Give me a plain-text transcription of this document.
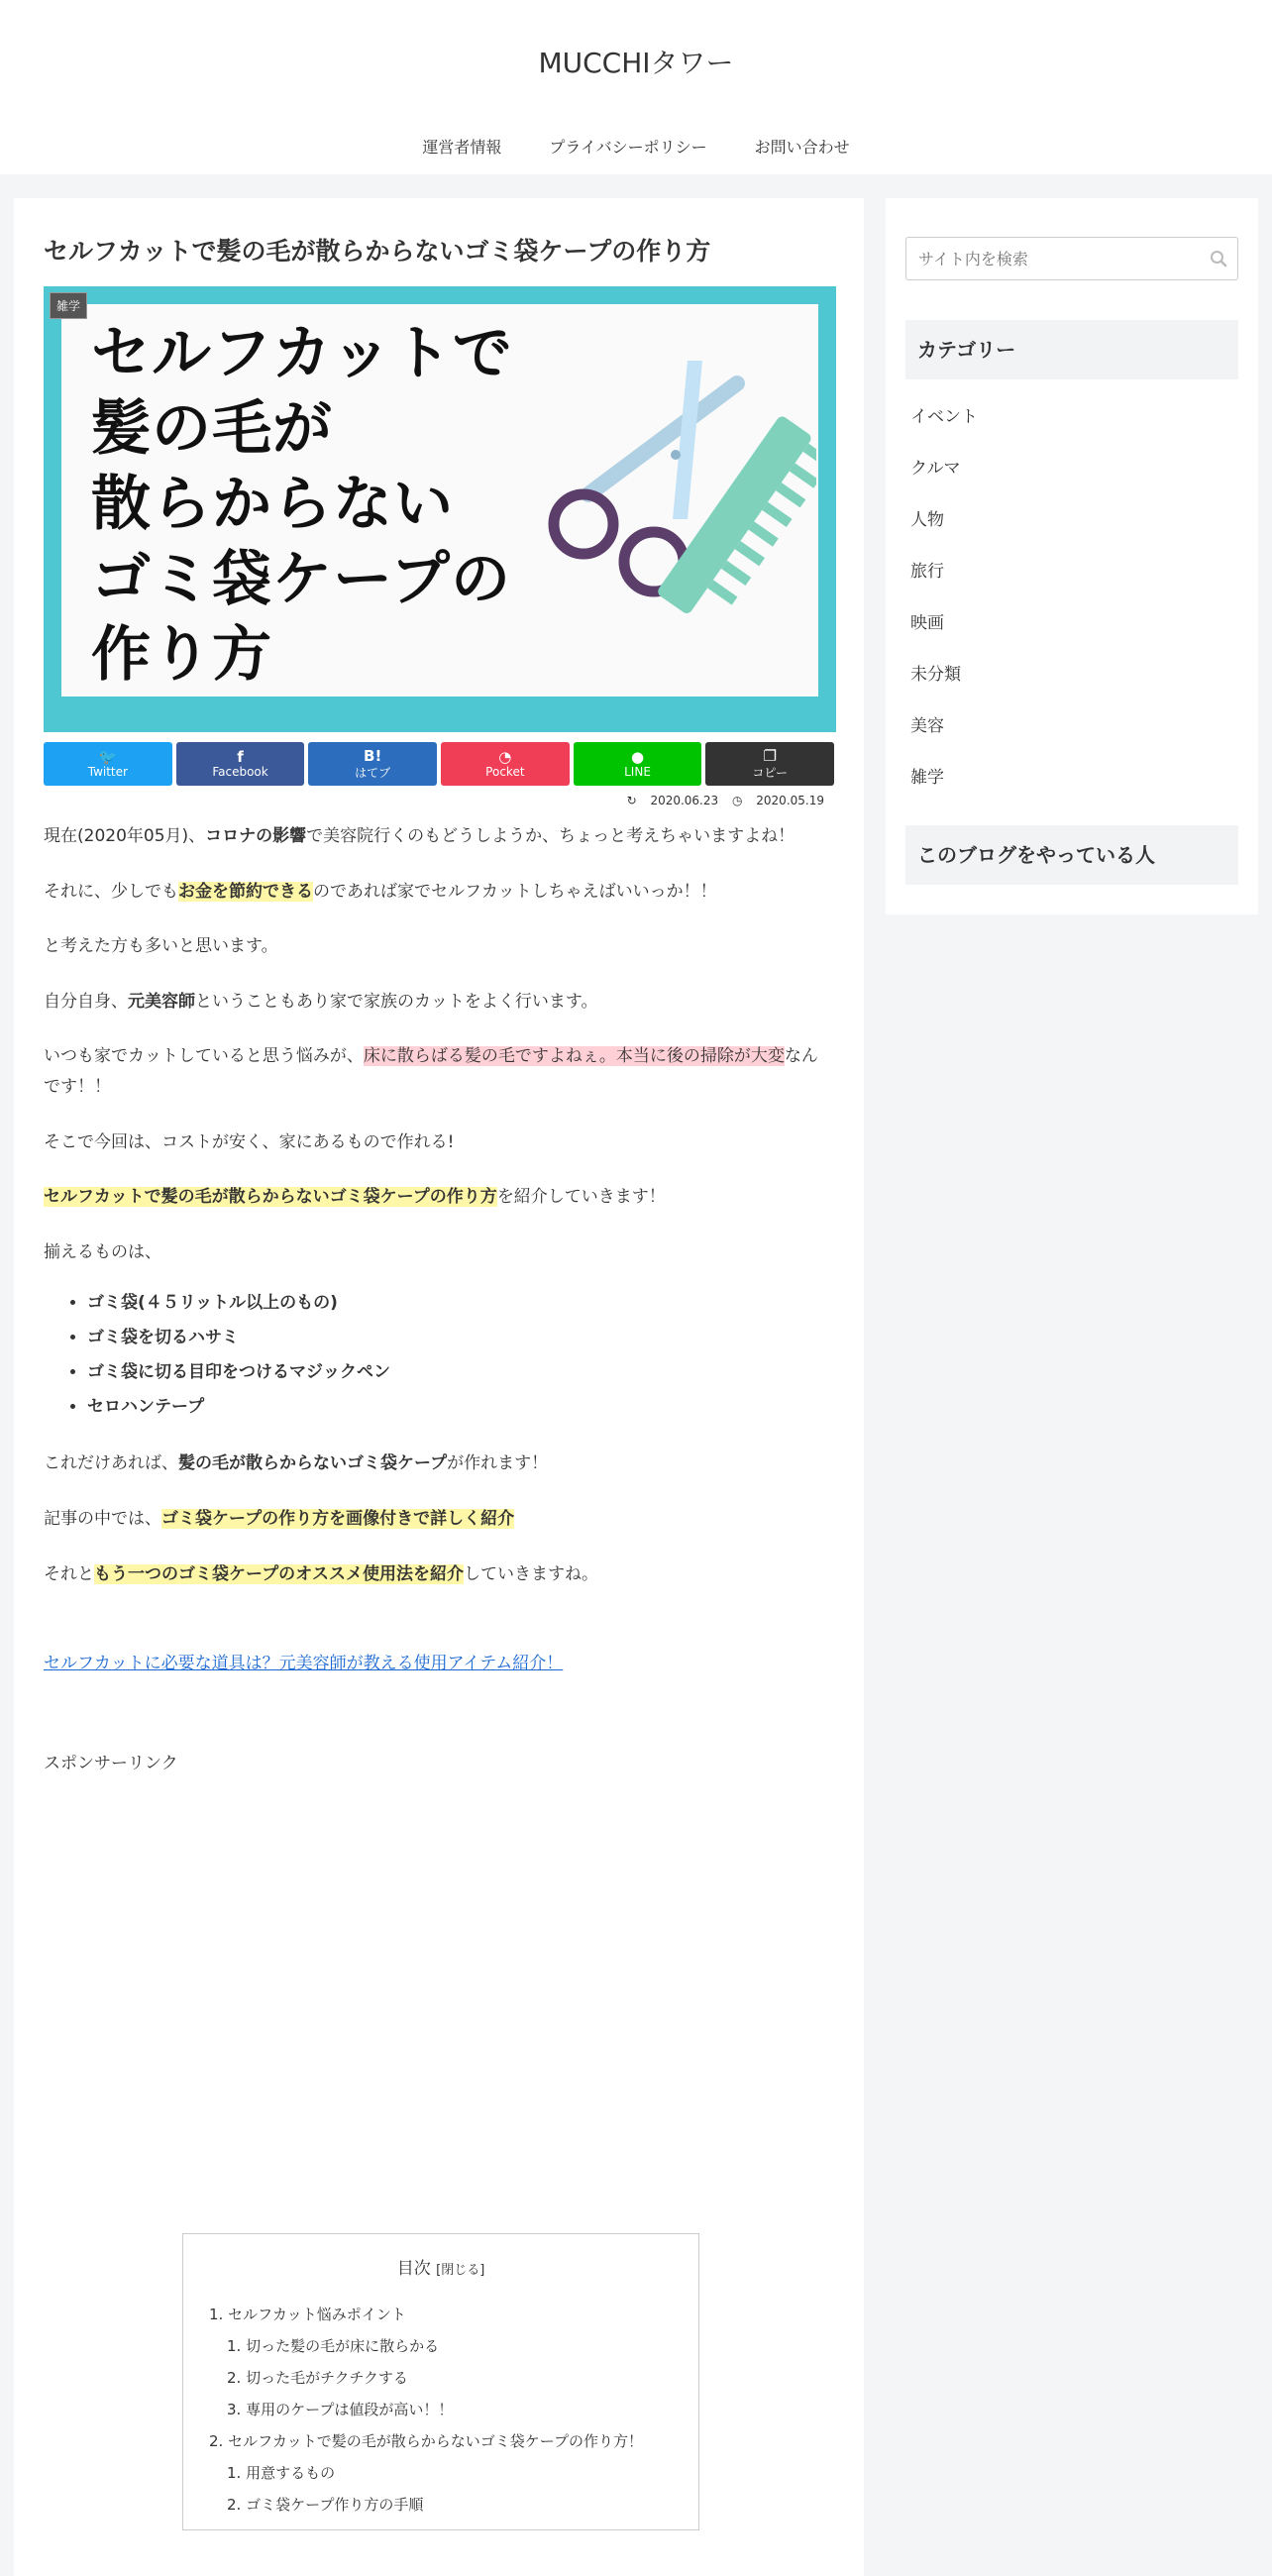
MUCCHIタワー
運営者情報	プライバシーポリシー	お問い合わせ
セルフカットで髪の毛が散らからないゴミ袋ケープの作り方
セルフカットで
髪の毛が
散らからない
ゴミ袋ケープの
作り方
雑学
🐦
Twitter
f
Facebook
B!
はてブ
◔
Pocket
●
LINE
❐
コピー
↻ 2020.06.23 ◷ 2020.05.19

現在(2020年05月)、コロナの影響で美容院行くのもどうしようか、ちょっと考えちゃいますよね！

それに、少しでもお金を節約できるのであれば家でセルフカットしちゃえばいいっか！！

と考えた方も多いと思います。

自分自身、元美容師ということもあり家で家族のカットをよく行います。

いつも家でカットしていると思う悩みが、床に散らばる髪の毛ですよねぇ。本当に後の掃除が大変なんです！！

そこで今回は、コストが安く、家にあるもので作れる!

セルフカットで髪の毛が散らからないゴミ袋ケープの作り方を紹介していきます！

揃えるものは、

• ゴミ袋(４５リットル以上のもの)
• ゴミ袋を切るハサミ
• ゴミ袋に切る目印をつけるマジックペン
• セロハンテープ

これだけあれば、髪の毛が散らからないゴミ袋ケープが作れます！

記事の中では、ゴミ袋ケープの作り方を画像付きで詳しく紹介

それともう一つのゴミ袋ケープのオススメ使用法を紹介していきますね。

セルフカットに必要な道具は？元美容師が教える使用アイテム紹介！

スポンサーリンク

目次 [閉じる]
1. セルフカット悩みポイント
1. 切った髪の毛が床に散らかる
2. 切った毛がチクチクする
3. 専用のケープは値段が高い！！
2. セルフカットで髪の毛が散らからないゴミ袋ケープの作り方！
1. 用意するもの
2. ゴミ袋ケープ作り方の手順
サイト内を検索
カテゴリー
イベント
クルマ
人物
旅行
映画
未分類
美容
雑学
このブログをやっている人
